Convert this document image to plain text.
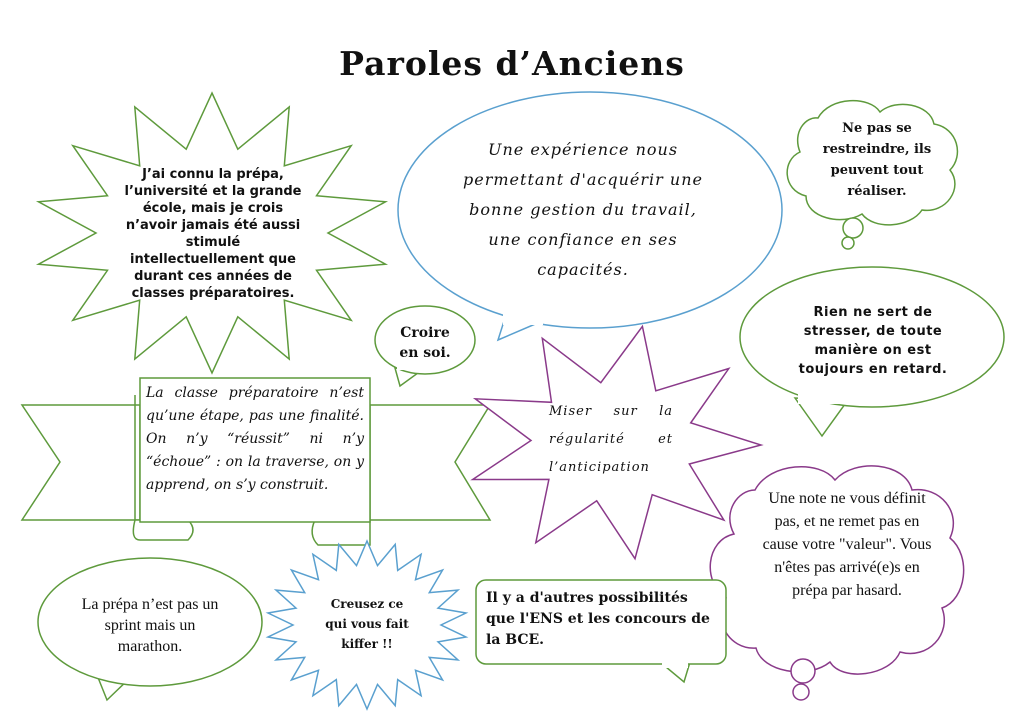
Paroles d’Anciens
J’ai connu la prépa, l’université et la grande école, mais je crois n’avoir jamais été aussi stimulé intellectuellement que durant ces années de classes préparatoires.
Une expérience nous permettant d'acquérir une bonne gestion du travail, une confiance en ses capacités.
Ne pas se restreindre, ils peuvent tout réaliser.
Croire en soi.
Rien ne sert de stresser, de toute manière on est toujours en retard.
La classe préparatoire n’est qu’une étape, pas une finalité. On n’y “réussit” ni n’y “échoue” : on la traverse, on y apprend, on s’y construit.
Miser sur la régularité et l’anticipation
Une note ne vous définit pas, et ne remet pas en cause votre "valeur". Vous n'êtes pas arrivé(e)s en prépa par hasard.
La prépa n’est pas un sprint mais un marathon.
Creusez ce qui vous fait kiffer !!
Il y a d'autres possibilités que l'ENS et les concours de la BCE.
